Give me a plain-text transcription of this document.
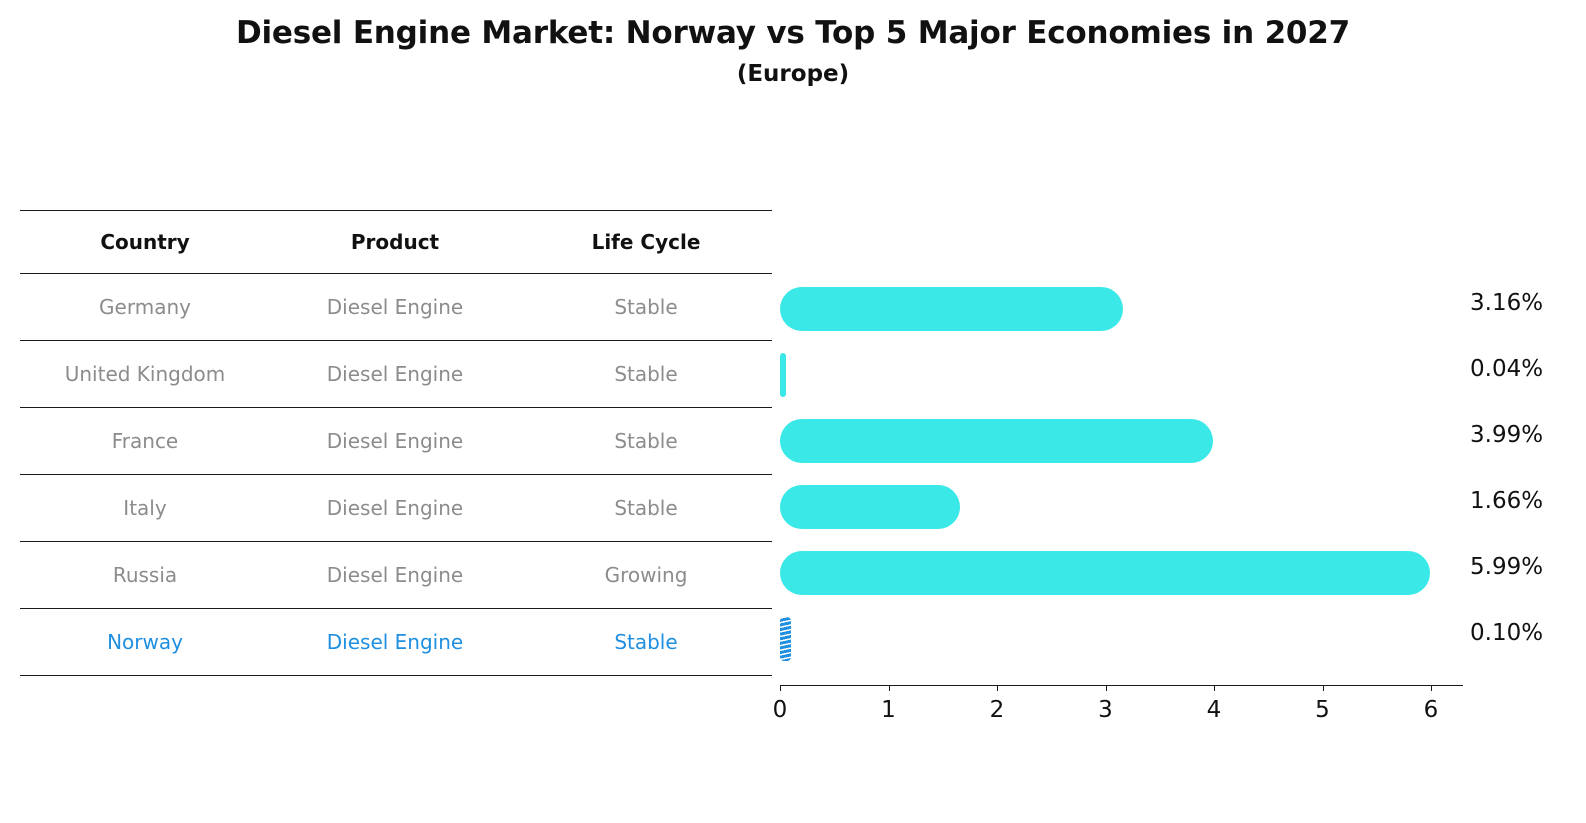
Diesel Engine Market: Norway vs Top 5 Major Economies in 2027
(Europe)
Country	Product	Life Cycle
Germany	Diesel Engine	Stable
United Kingdom	Diesel Engine	Stable
France	Diesel Engine	Stable
Italy	Diesel Engine	Stable
Russia	Diesel Engine	Growing
Norway	Diesel Engine	Stable
3.16%
0.04%
3.99%
1.66%
5.99%
0.10%
0	1	2	3	4	5	6
